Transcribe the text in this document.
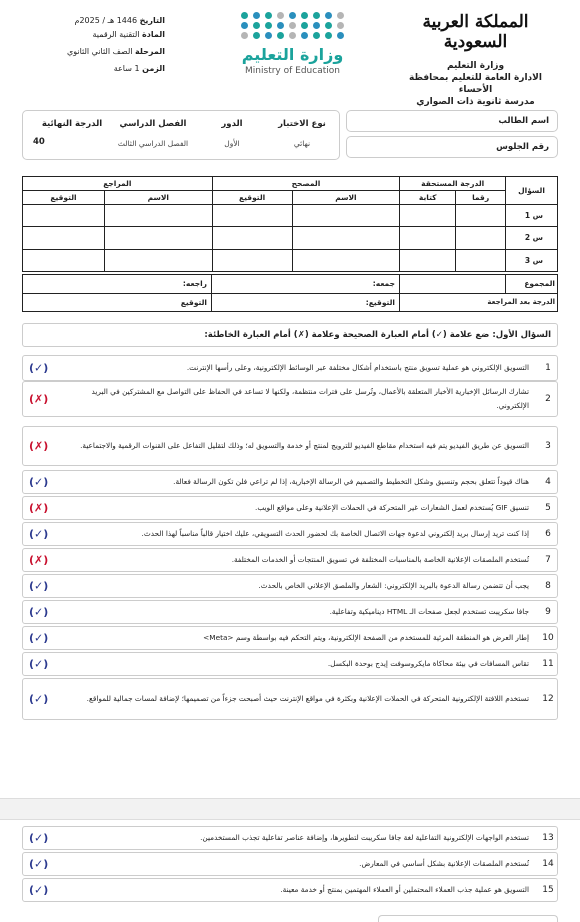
المملكة العربية السعودية
وزارة التعليم
الادارة العامة للتعليم بمحافظة الأحساء
مدرسة ثانوية ذات الصواري
وزارة التعليم
Ministry of Education
التاريخ 1446 هـ / 2025م
المادة التقنية الرقمية
المرحلة الصف الثاني الثانوي
الزمن 1 ساعة
اسم الطالب
رقم الجلوس
نوع الاختبار
نهائي
الدور
الأول
الفصل الدراسي
الفصل الدراسي الثالث
الدرجة النهائية
40
السؤال	الدرجة المستحقة		المصحح		المراجع	
	رقما	كتابة	الاسم	التوقيع	الاسم	التوقيع
س 1						
س 2						
س 3						
المجموع		جمعه:	راجعه:
الدرجة بعد المراجعة		التوقيع:	التوقيع
السؤال الأول: ضع علامة (✓) أمام العبارة الصحيحة وعلامة (✗) أمام العبارة الخاطئة:
1
التسويق الإلكتروني هو عملية تسويق منتج باستخدام أشكال مختلفة عبر الوسائط الإلكترونية، وعلى رأسها الإنترنت.
(✓)
2
تشارك الرسائل الإخبارية الأخبار المتعلقة بالأعمال، وتُرسل على فترات منتظمة، ولكنها لا تساعد في الحفاظ على التواصل مع المشتركين في البريد الإلكتروني.
(✗)
3
التسويق عن طريق الفيديو يتم فيه استخدام مقاطع الفيديو للترويج لمنتج أو خدمة والتسويق له؛ وذلك لتقليل التفاعل على القنوات الرقمية والاجتماعية.
(✗)
4
هناك قيوداً تتعلق بحجم وتنسيق وشكل التخطيط والتصميم في الرسالة الإخبارية، إذا لم تراعي فلن تكون الرسالة فعالة.
(✓)
5
تنسيق GIF يُستخدم لعمل الشعارات غير المتحركة في الحملات الإعلانية وعلى مواقع الويب.
(✗)
6
إذا كنت تريد إرسال بريد إلكتروني لدعوة جهات الاتصال الخاصة بك لحضور الحدث التسويقي، عليك اختيار قالباً مناسباً لهذا الحدث.
(✓)
7
تُستخدم الملصقات الإعلانية الخاصة بالمناسبات المختلفة في تسويق المنتجات أو الخدمات المختلفة.
(✗)
8
يجب أن تتضمن رسالة الدعوة بالبريد الإلكتروني: الشعار والملصق الإعلاني الخاص بالحدث.
(✓)
9
جافا سكريبت تستخدم لجعل صفحات الـ HTML ديناميكية وتفاعلية.
(✓)
10
إطار العرض هو المنطقة المرئية للمستخدم من الصفحة الإلكترونية، ويتم التحكم فيه بواسطة وسم <Meta>
(✓)
11
تقاس المسافات في بيئة محاكاة مايكروسوفت إيدج بوحدة البكسل.
(✓)
12
تستخدم اللافتة الإلكترونية المتحركة في الحملات الإعلانية وبكثرة في مواقع الإنترنت حيث أصبحت جزءاً من تصميمها؛ لإضافة لمسات جمالية للمواقع.
(✓)
13
تستخدم الواجهات الإلكترونية التفاعلية لغة جافا سكريبت لتطويرها، وإضافة عناصر تفاعلية تجذب المستخدمين.
(✓)
14
تُستخدم الملصقات الإعلانية بشكل أساسي في المعارض.
(✓)
15
التسويق هو عملية جذب العملاء المحتملين أو العملاء المهتمين بمنتج أو خدمة معينة.
(✓)
